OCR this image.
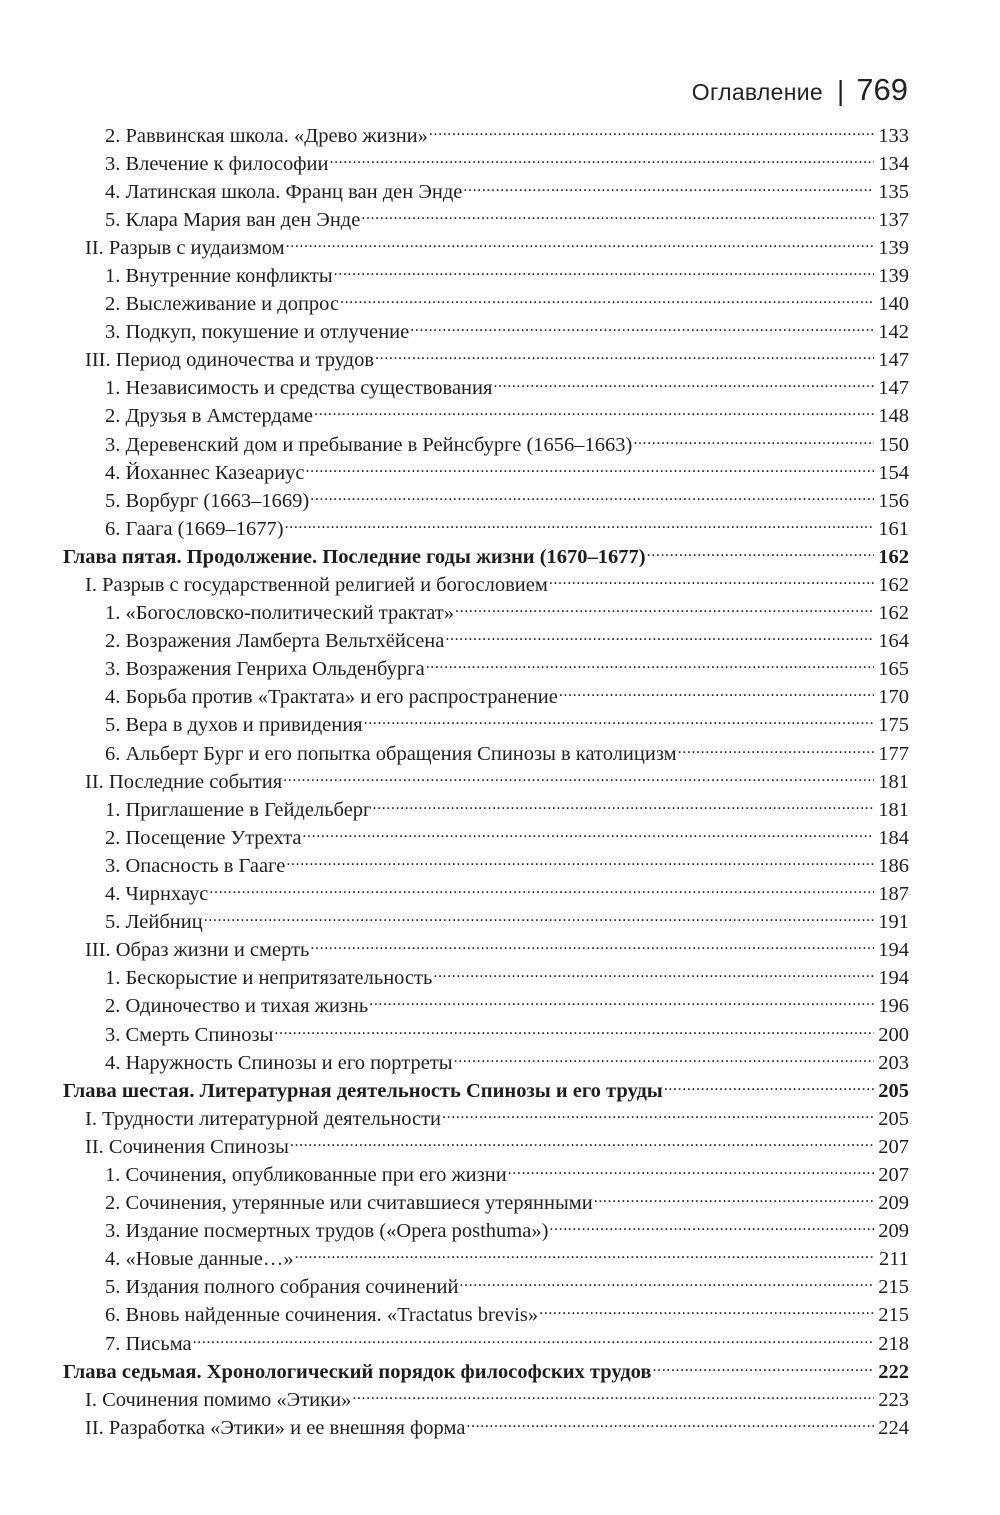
Оглавление | 769
2. Раввинская школа. «Древо жизни» .....	133
3. Влечение к философии .....	134
4. Латинская школа. Франц ван ден Энде .....	135
5. Клара Мария ван ден Энде .....	137
II. Разрыв с иудаизмом .....	139
1. Внутренние конфликты .....	139
2. Выслеживание и допрос .....	140
3. Подкуп, покушение и отлучение .....	142
III. Период одиночества и трудов .....	147
1. Независимость и средства существования .....	147
2. Друзья в Амстердаме .....	148
3. Деревенский дом и пребывание в Рейнсбурге (1656–1663) .....	150
4. Йоханнес Казеариус .....	154
5. Ворбург (1663–1669) .....	156
6. Гаага (1669–1677) .....	161
Глава пятая. Продолжение. Последние годы жизни (1670–1677) .....	162
I. Разрыв с государственной религией и богословием .....	162
1. «Богословско-политический трактат» .....	162
2. Возражения Ламберта Вельтхёйсена .....	164
3. Возражения Генриха Ольденбурга .....	165
4. Борьба против «Трактата» и его распространение .....	170
5. Вера в духов и привидения .....	175
6. Альберт Бург и его попытка обращения Спинозы в католицизм .....	177
II. Последние события .....	181
1. Приглашение в Гейдельберг .....	181
2. Посещение Утрехта .....	184
3. Опасность в Гааге .....	186
4. Чирнхаус .....	187
5. Лейбниц .....	191
III. Образ жизни и смерть .....	194
1. Бескорыстие и непритязательность .....	194
2. Одиночество и тихая жизнь .....	196
3. Смерть Спинозы .....	200
4. Наружность Спинозы и его портреты .....	203
Глава шестая. Литературная деятельность Спинозы и его труды .....	205
I. Трудности литературной деятельности .....	205
II. Сочинения Спинозы .....	207
1. Сочинения, опубликованные при его жизни .....	207
2. Сочинения, утерянные или считавшиеся утерянными .....	209
3. Издание посмертных трудов («Opera posthuma») .....	209
4. «Новые данные…» .....	211
5. Издания полного собрания сочинений .....	215
6. Вновь найденные сочинения. «Tractatus brevis» .....	215
7. Письма .....	218
Глава седьмая. Хронологический порядок философских трудов .....	222
I. Сочинения помимо «Этики» .....	223
II. Разработка «Этики» и ее внешняя форма .....	224
